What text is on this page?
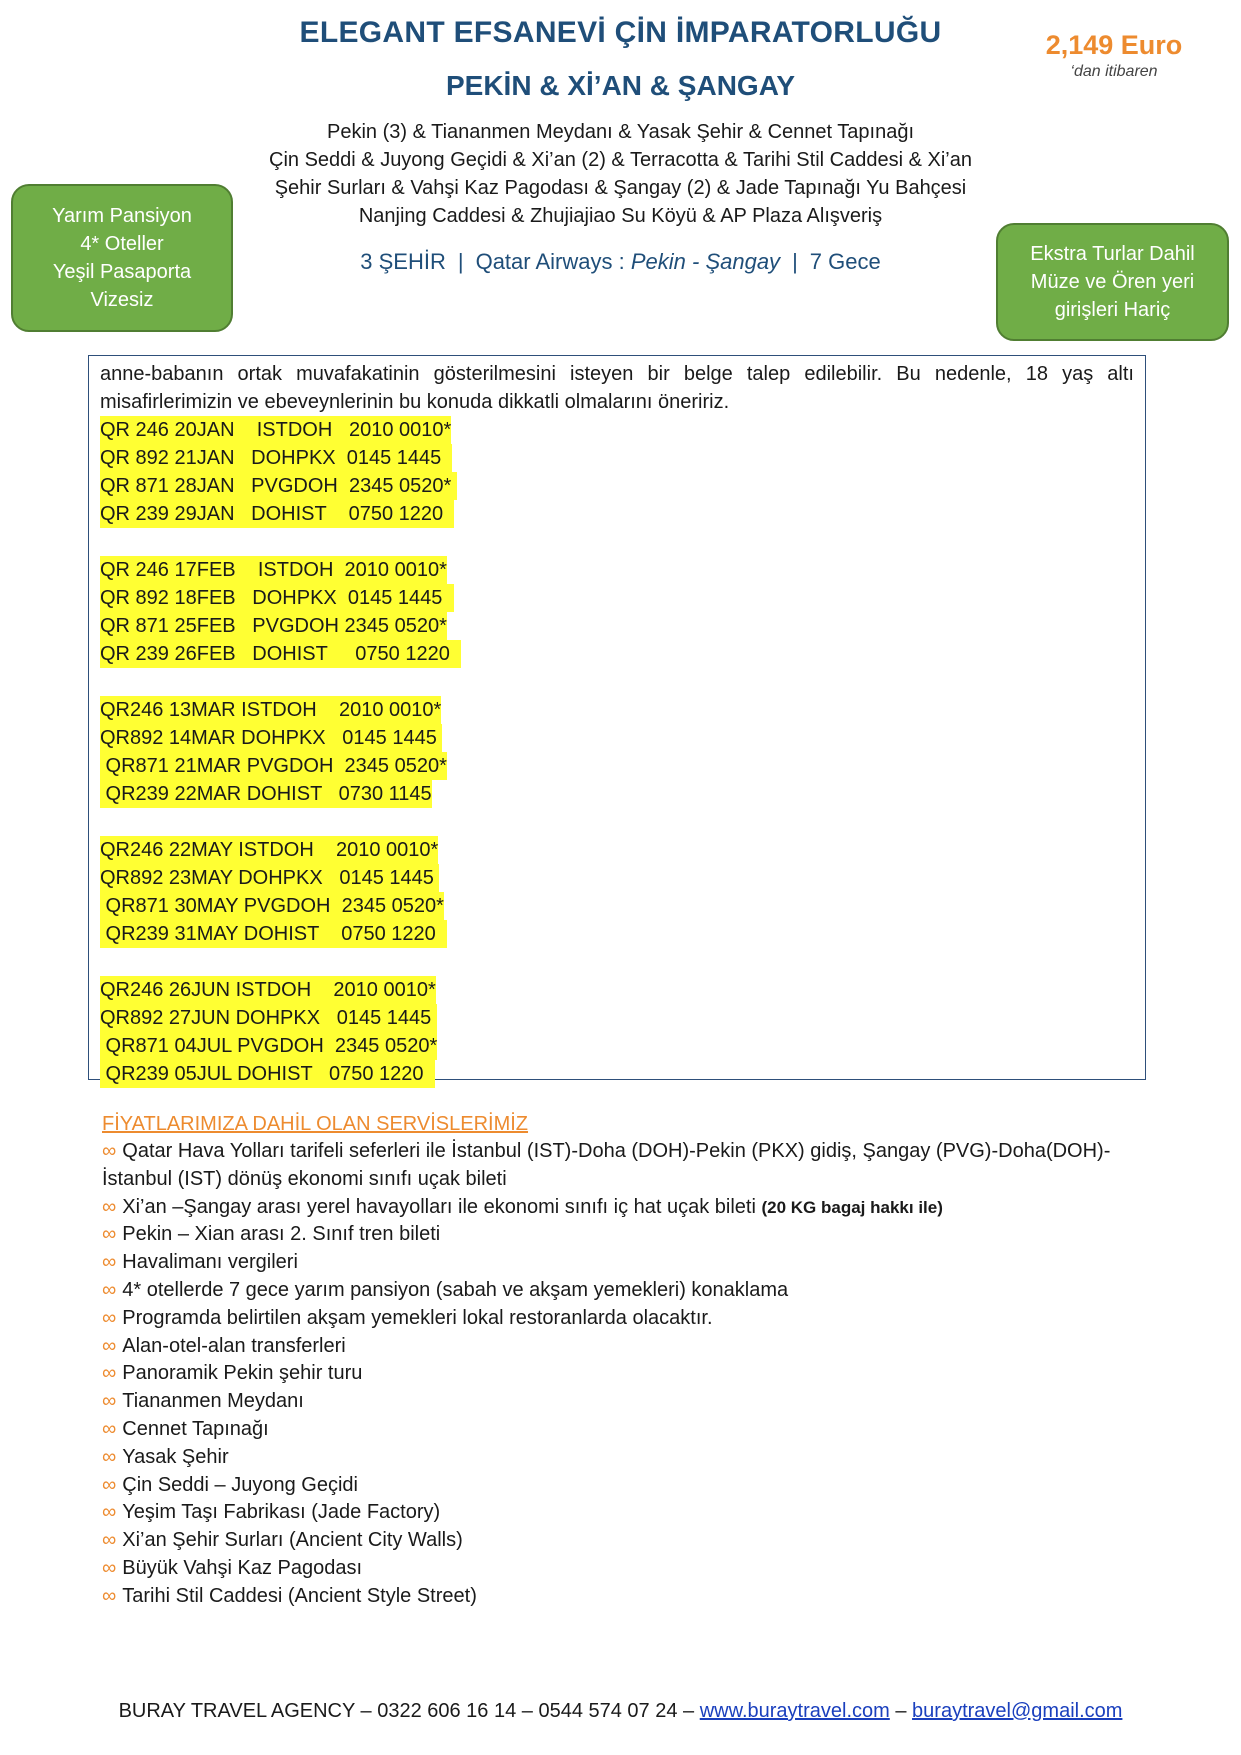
ELEGANT EFSANEVİ ÇİN İMPARATORLUĞU
PEKİN & Xİ’AN & ŞANGAY
2,149 Euro
‘dan itibaren
Pekin (3) & Tiananmen Meydanı & Yasak Şehir & Cennet Tapınağı
Çin Seddi & Juyong Geçidi & Xi’an (2) & Terracotta & Tarihi Stil Caddesi & Xi’an
Şehir Surları & Vahşi Kaz Pagodası & Şangay (2) & Jade Tapınağı Yu Bahçesi
Nanjing Caddesi & Zhujiajiao Su Köyü & AP Plaza Alışveriş
3 ŞEHİR | Qatar Airways : Pekin - Şangay | 7 Gece
Yarım Pansiyon
4* Oteller
Yeşil Pasaporta
Vizesiz
Ekstra Turlar Dahil
Müze ve Ören yeri
girişleri Hariç

anne-babanın ortak muvafakatinin gösterilmesini isteyen bir belge talep edilebilir. Bu nedenle, 18 yaş altı misafirlerimizin ve ebeveynlerinin bu konuda dikkatli olmalarını öneririz.

QR 246 20JAN    ISTDOH   2010 0010*
QR 892 21JAN   DOHPKX  0145 1445
QR 871 28JAN   PVGDOH  2345 0520*
QR 239 29JAN   DOHIST    0750 1220
QR 246 17FEB    ISTDOH  2010 0010*
QR 892 18FEB   DOHPKX  0145 1445
QR 871 25FEB   PVGDOH 2345 0520*
QR 239 26FEB   DOHIST     0750 1220
QR246 13MAR ISTDOH    2010 0010*
QR892 14MAR DOHPKX   0145 1445
QR871 21MAR PVGDOH  2345 0520*
QR239 22MAR DOHIST   0730 1145
QR246 22MAY ISTDOH    2010 0010*
QR892 23MAY DOHPKX   0145 1445
QR871 30MAY PVGDOH  2345 0520*
QR239 31MAY DOHIST    0750 1220
QR246 26JUN ISTDOH    2010 0010*
QR892 27JUN DOHPKX   0145 1445
QR871 04JUL PVGDOH  2345 0520*
QR239 05JUL DOHIST   0750 1220
FİYATLARIMIZA DAHİL OLAN SERVİSLERİMİZ
∞ Qatar Hava Yolları tarifeli seferleri ile İstanbul (IST)-Doha (DOH)-Pekin (PKX) gidiş, Şangay (PVG)-Doha(DOH)-İstanbul (IST) dönüş ekonomi sınıfı uçak bileti
∞ Xi’an –Şangay arası yerel havayolları ile ekonomi sınıfı iç hat uçak bileti (20 KG bagaj hakkı ile)
∞ Pekin – Xian arası 2. Sınıf tren bileti
∞ Havalimanı vergileri
∞ 4* otellerde 7 gece yarım pansiyon (sabah ve akşam yemekleri) konaklama
∞ Programda belirtilen akşam yemekleri lokal restoranlarda olacaktır.
∞ Alan-otel-alan transferleri
∞ Panoramik Pekin şehir turu
∞ Tiananmen Meydanı
∞ Cennet Tapınağı
∞ Yasak Şehir
∞ Çin Seddi – Juyong Geçidi
∞ Yeşim Taşı Fabrikası (Jade Factory)
∞ Xi’an Şehir Surları (Ancient City Walls)
∞ Büyük Vahşi Kaz Pagodası
∞ Tarihi Stil Caddesi (Ancient Style Street)
BURAY TRAVEL AGENCY – 0322 606 16 14 – 0544 574 07 24 – www.buraytravel.com – buraytravel@gmail.com
